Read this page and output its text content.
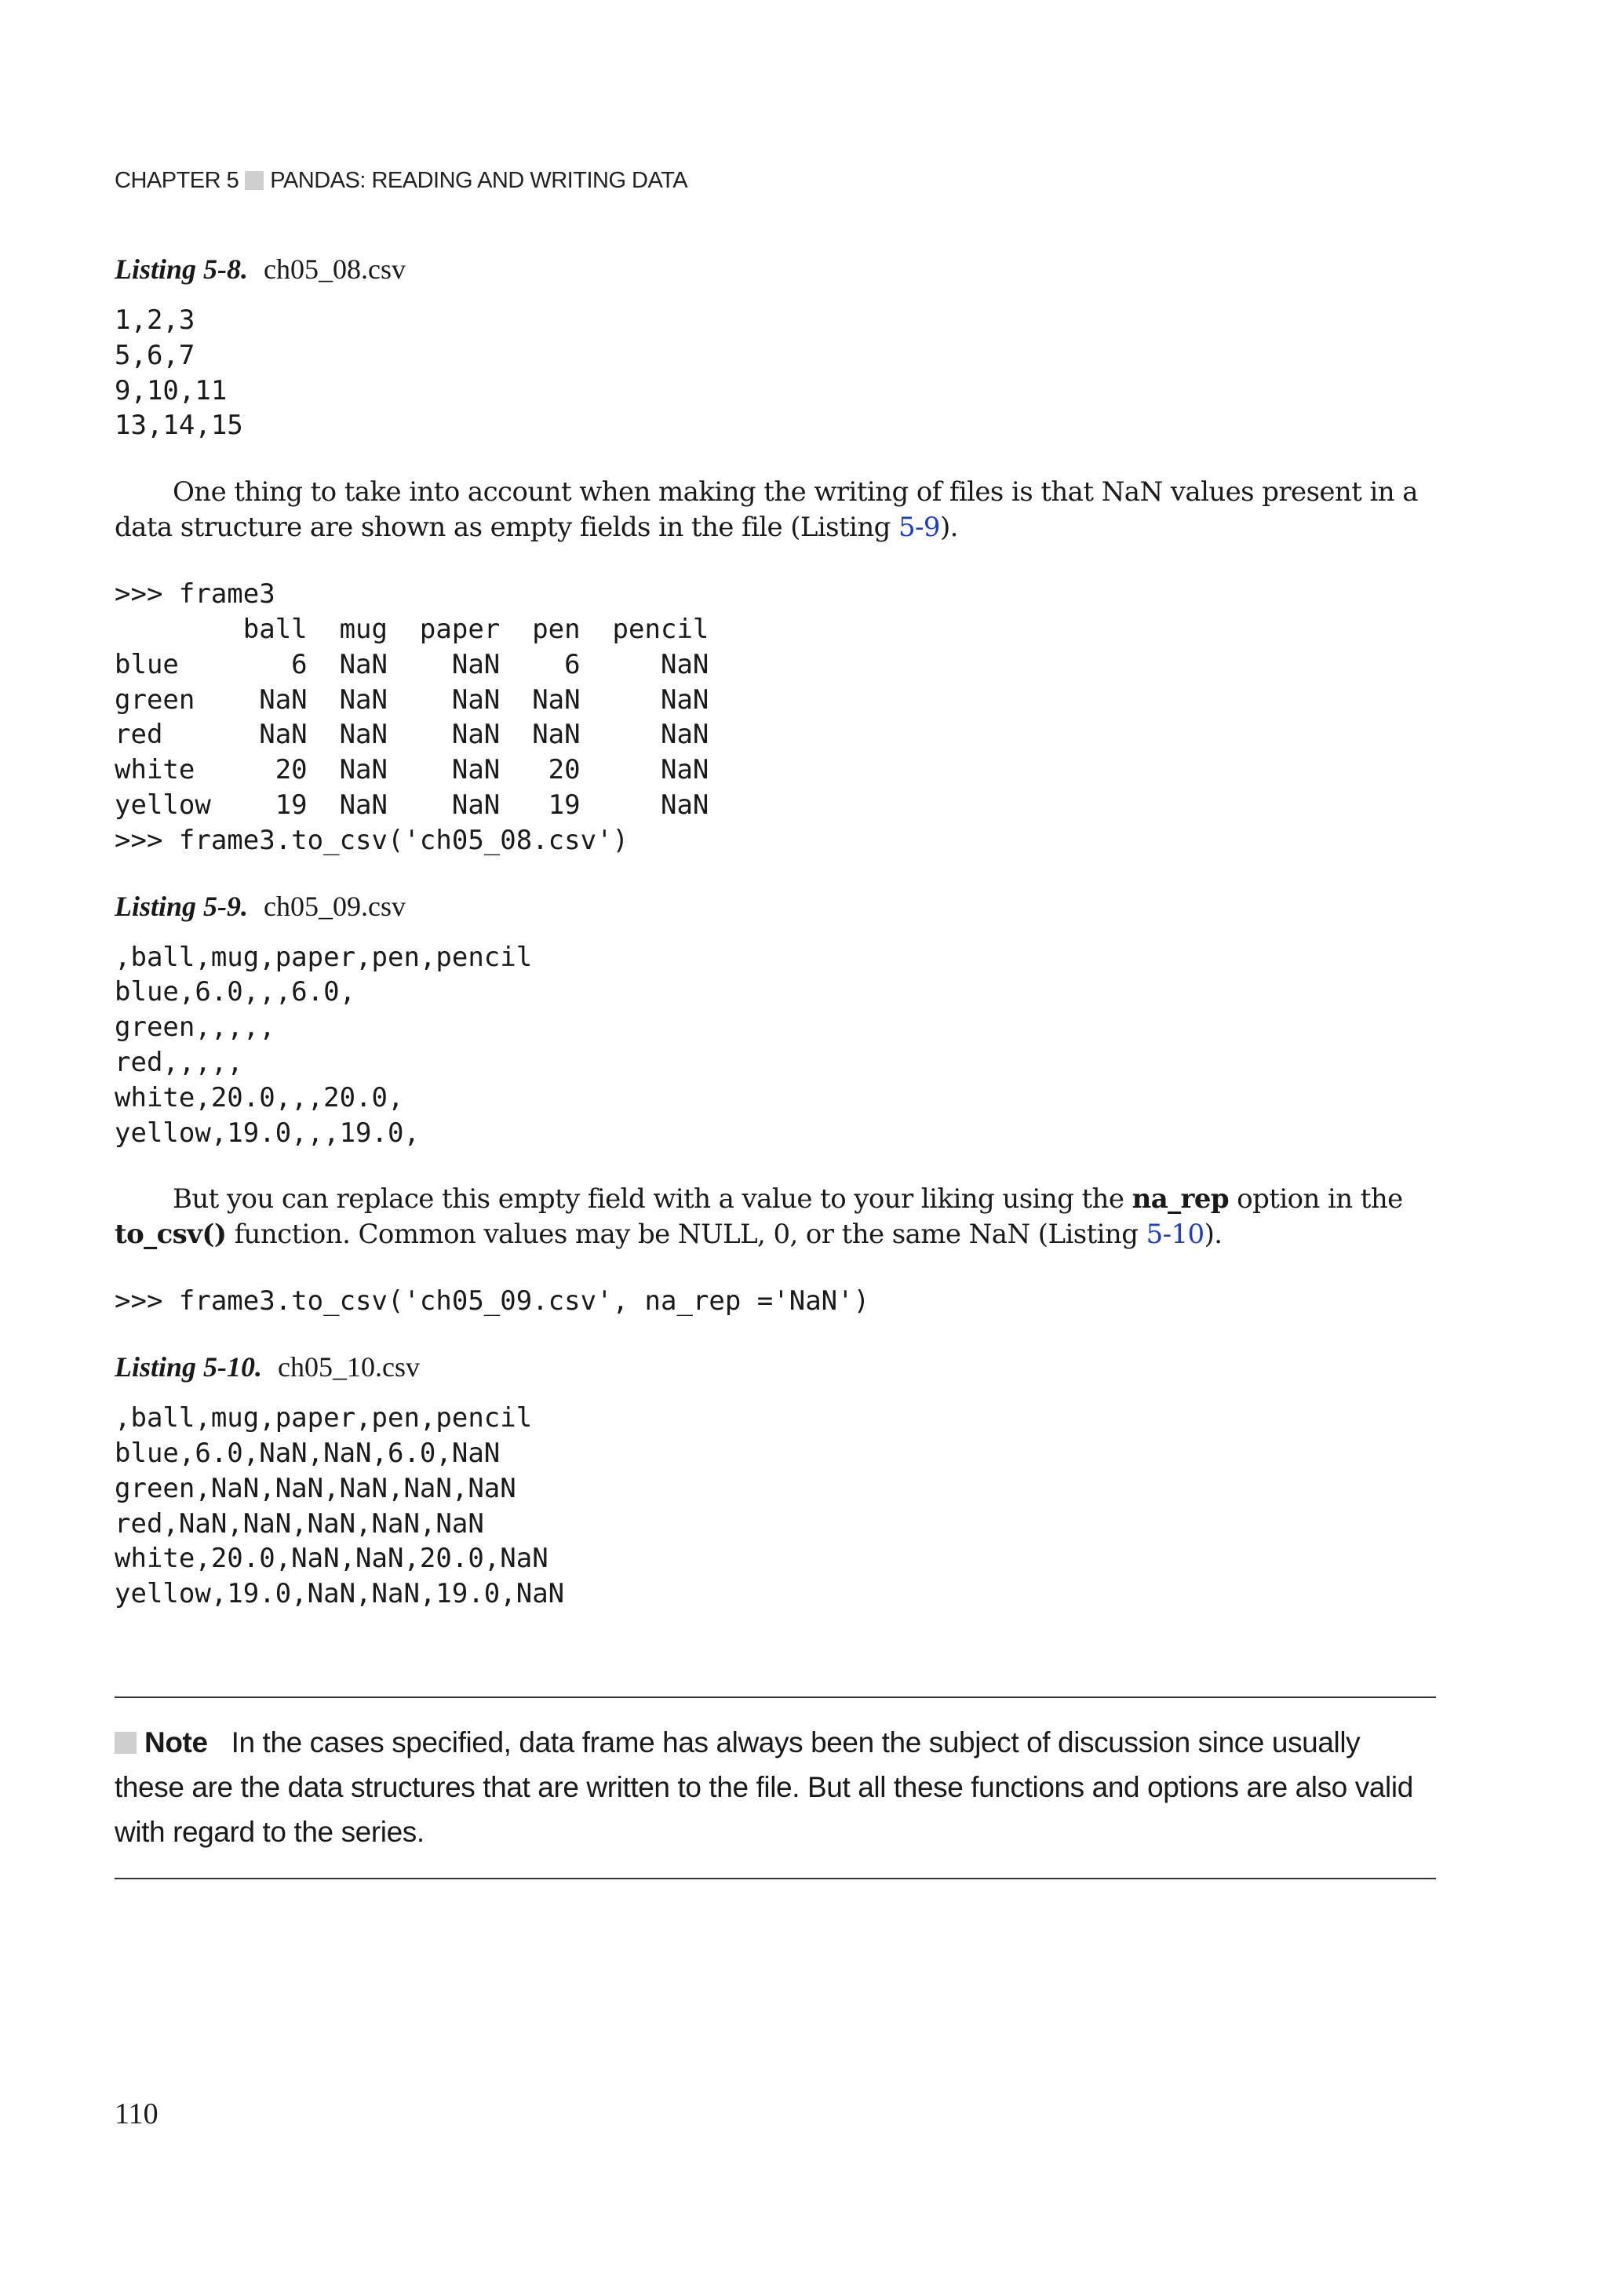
CHAPTER 5 PANDAS: READING AND WRITING DATA
Listing 5-8. ch05_08.csv
1,2,3
5,6,7
9,10,11
13,14,15

One thing to take into account when making the writing of files is that NaN values present in a data structure are shown as empty fields in the file (Listing 5-9).

>>> frame3
ball  mug  paper  pen  pencil
blue       6  NaN    NaN    6     NaN
green    NaN  NaN    NaN  NaN     NaN
red      NaN  NaN    NaN  NaN     NaN
white     20  NaN    NaN   20     NaN
yellow    19  NaN    NaN   19     NaN
>>> frame3.to_csv('ch05_08.csv')
Listing 5-9. ch05_09.csv
,ball,mug,paper,pen,pencil
blue,6.0,,,6.0,
green,,,,,
red,,,,,
white,20.0,,,20.0,
yellow,19.0,,,19.0,

But you can replace this empty field with a value to your liking using the na_rep option in the to_csv() function. Common values may be NULL, 0, or the same NaN (Listing 5-10).

>>> frame3.to_csv('ch05_09.csv', na_rep ='NaN')
Listing 5-10. ch05_10.csv
,ball,mug,paper,pen,pencil
blue,6.0,NaN,NaN,6.0,NaN
green,NaN,NaN,NaN,NaN,NaN
red,NaN,NaN,NaN,NaN,NaN
white,20.0,NaN,NaN,20.0,NaN
yellow,19.0,NaN,NaN,19.0,NaN
Note In the cases specified, data frame has always been the subject of discussion since usually these are the data structures that are written to the file. But all these functions and options are also valid with regard to the series.
110
